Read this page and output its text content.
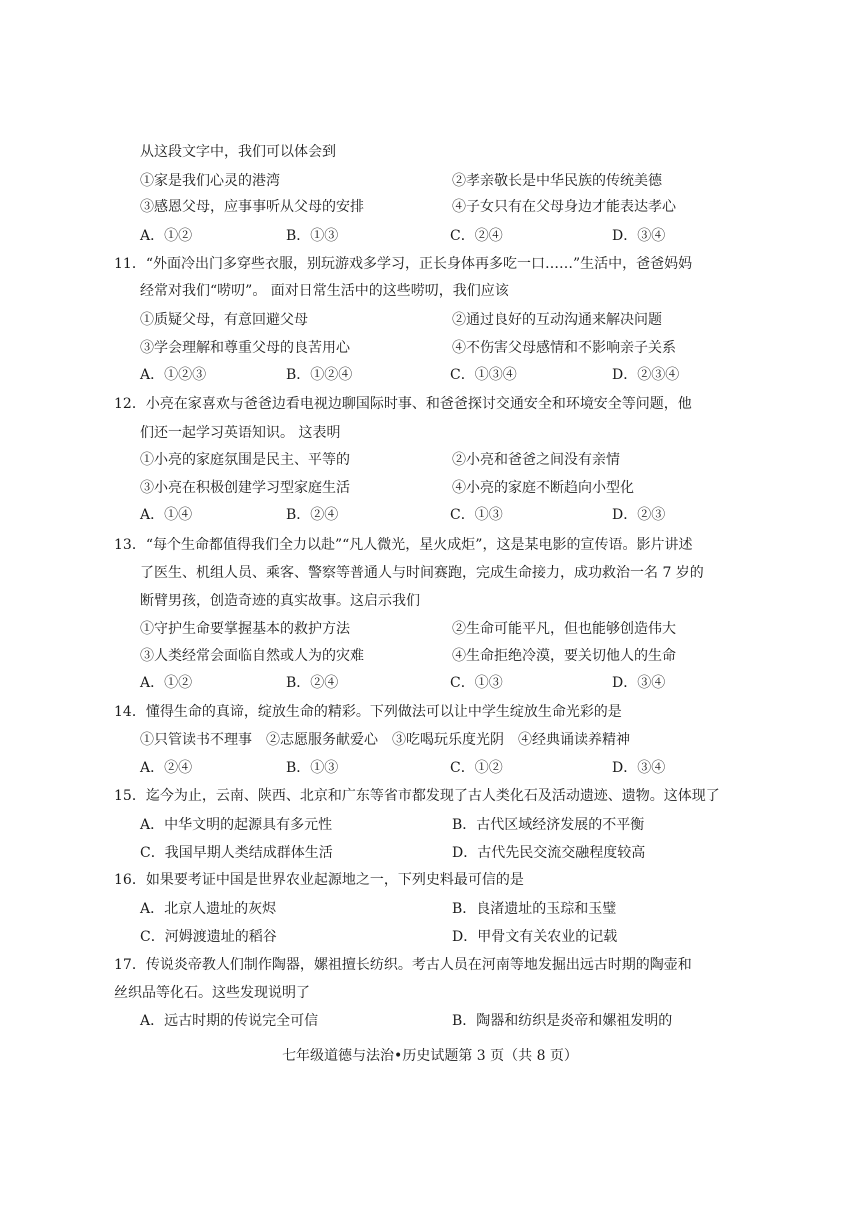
从这段文字中，我们可以体会到
①家是我们心灵的港湾	②孝亲敬长是中华民族的传统美德
③感恩父母，应事事听从父母的安排	④子女只有在父母身边才能表达孝心
A．①②	B．①③	C．②④	D．③④
11．“外面冷出门多穿些衣服，别玩游戏多学习，正长身体再多吃一口……”生活中，爸爸妈妈
经常对我们“唠叨”。 面对日常生活中的这些唠叨，我们应该
①质疑父母，有意回避父母	②通过良好的互动沟通来解决问题
③学会理解和尊重父母的良苦用心	④不伤害父母感情和不影响亲子关系
A．①②③	B．①②④	C．①③④	D．②③④
12．小亮在家喜欢与爸爸边看电视边聊国际时事、和爸爸探讨交通安全和环境安全等问题，他
们还一起学习英语知识。 这表明
①小亮的家庭氛围是民主、平等的	②小亮和爸爸之间没有亲情
③小亮在积极创建学习型家庭生活	④小亮的家庭不断趋向小型化
A．①④	B．②④	C．①③	D．②③
13．“每个生命都值得我们全力以赴”“凡人微光，星火成炬”，这是某电影的宣传语。影片讲述
了医生、机组人员、乘客、警察等普通人与时间赛跑，完成生命接力，成功救治一名 7 岁的
断臂男孩，创造奇迹的真实故事。这启示我们
①守护生命要掌握基本的救护方法	②生命可能平凡，但也能够创造伟大
③人类经常会面临自然或人为的灾难	④生命拒绝冷漠，要关切他人的生命
A．①②	B．②④	C．①③	D．③④
14．懂得生命的真谛，绽放生命的精彩。下列做法可以让中学生绽放生命光彩的是
①只管读书不理事　②志愿服务献爱心　③吃喝玩乐度光阴　④经典诵读养精神
A．②④	B．①③	C．①②	D．③④
15．迄今为止，云南、陕西、北京和广东等省市都发现了古人类化石及活动遗迹、遗物。这体现了
A．中华文明的起源具有多元性	B．古代区域经济发展的不平衡
C．我国早期人类结成群体生活	D．古代先民交流交融程度较高
16．如果要考证中国是世界农业起源地之一，下列史料最可信的是
A．北京人遗址的灰烬	B．良渚遗址的玉琮和玉璧
C．河姆渡遗址的稻谷	D．甲骨文有关农业的记载
17．传说炎帝教人们制作陶器，嫘祖擅长纺织。考古人员在河南等地发掘出远古时期的陶壶和
丝织品等化石。这些发现说明了
A．远古时期的传说完全可信	B．陶器和纺织是炎帝和嫘祖发明的
七年级道德与法治•历史试题第 3 页（共 8 页）
